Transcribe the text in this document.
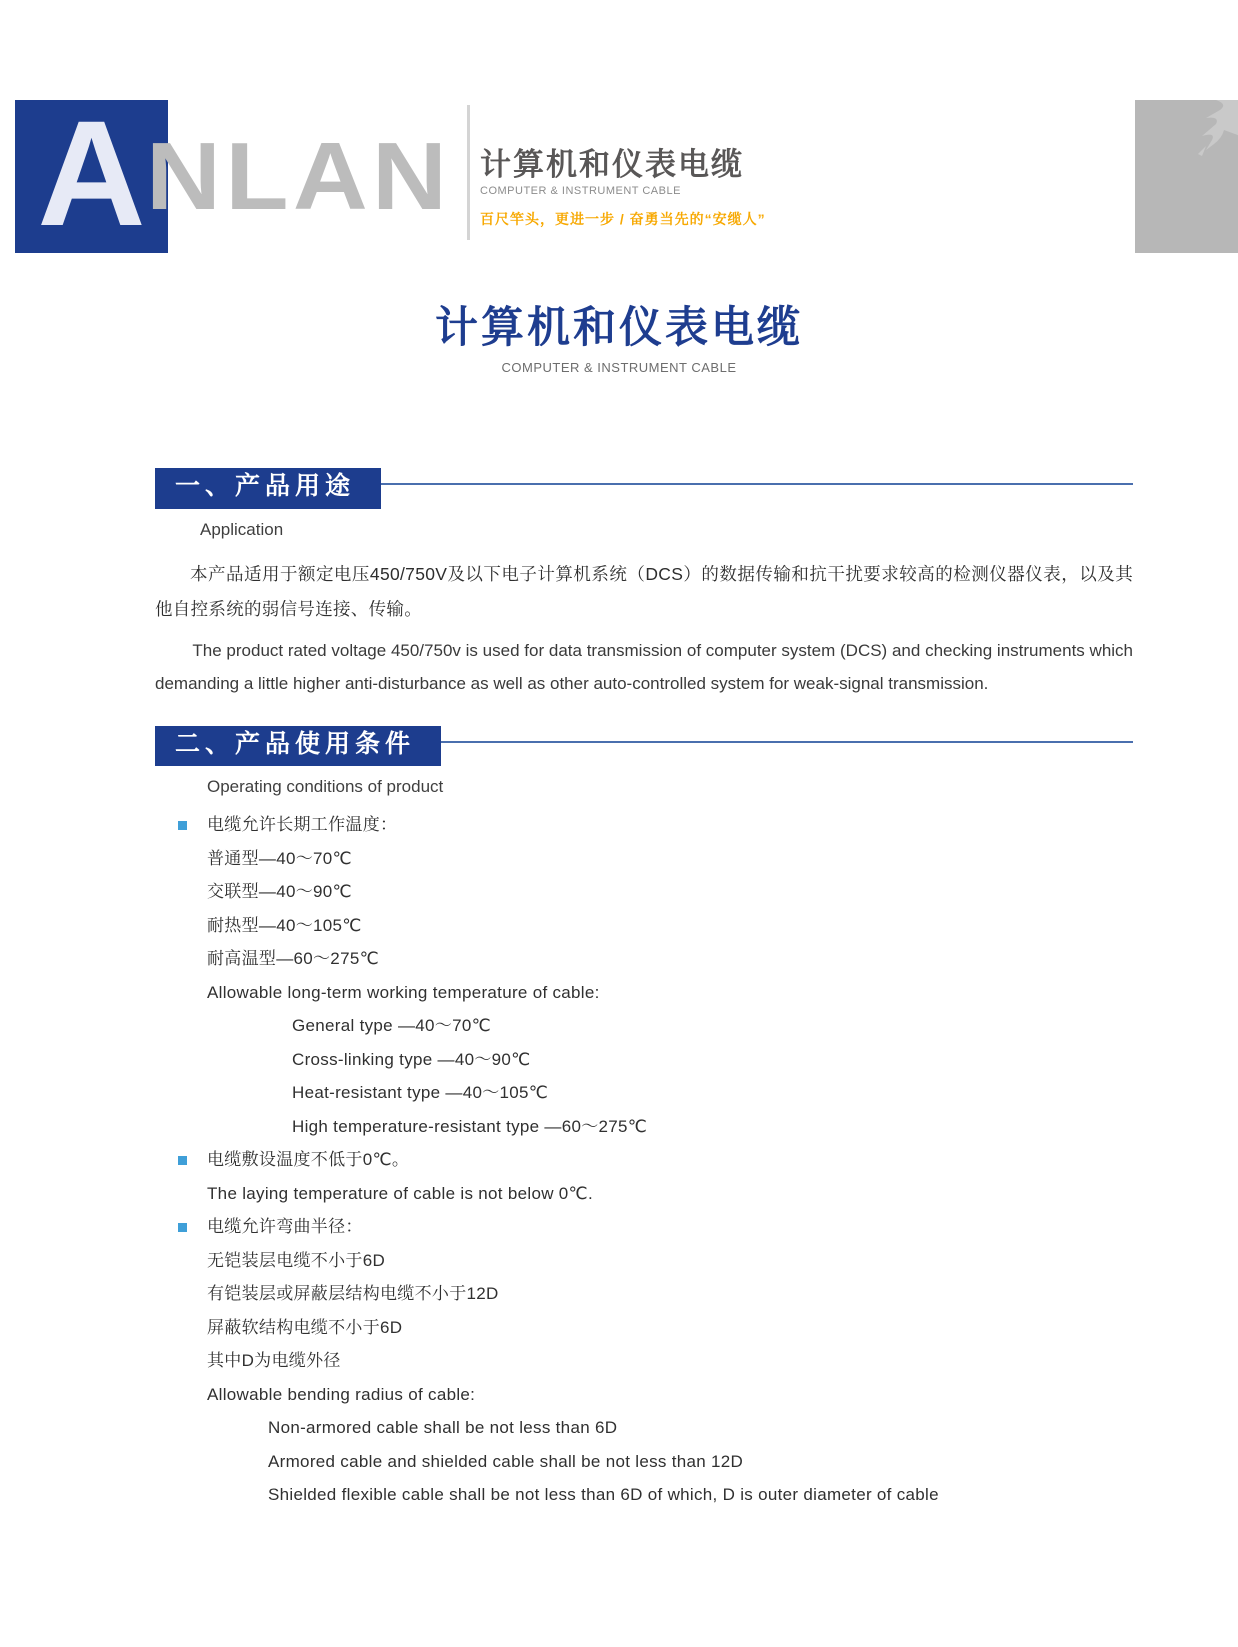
A NLAN 计算机和仪表电缆
COMPUTER & INSTRUMENT CABLE
百尺竿头，更进一步 / 奋勇当先的“安缆人”
计算机和仪表电缆
COMPUTER & INSTRUMENT CABLE
一、产品用途
Application

本产品适用于额定电压450/750V及以下电子计算机系统（DCS）的数据传输和抗干扰要求较高的检测仪器仪表，以及其他自控系统的弱信号连接、传输。

The product rated voltage 450/750v is used for data transmission of computer system (DCS) and checking instruments which demanding a little higher anti-disturbance as well as other auto-controlled system for weak-signal transmission.

二、产品使用条件
Operating conditions of product
电缆允许长期工作温度：
普通型—40～70℃
交联型—40～90℃
耐热型—40～105℃
耐高温型—60～275℃
Allowable long-term working temperature of cable:
General type —40～70℃
Cross-linking type —40～90℃
Heat-resistant type —40～105℃
High temperature-resistant type —60～275℃
电缆敷设温度不低于0℃。
The laying temperature of cable is not below 0℃.
电缆允许弯曲半径：
无铠装层电缆不小于6D
有铠装层或屏蔽层结构电缆不小于12D
屏蔽软结构电缆不小于6D
其中D为电缆外径
Allowable bending radius of cable:
Non-armored cable shall be not less than 6D
Armored cable and shielded cable shall be not less than 12D
Shielded flexible cable shall be not less than 6D of which, D is outer diameter of cable
